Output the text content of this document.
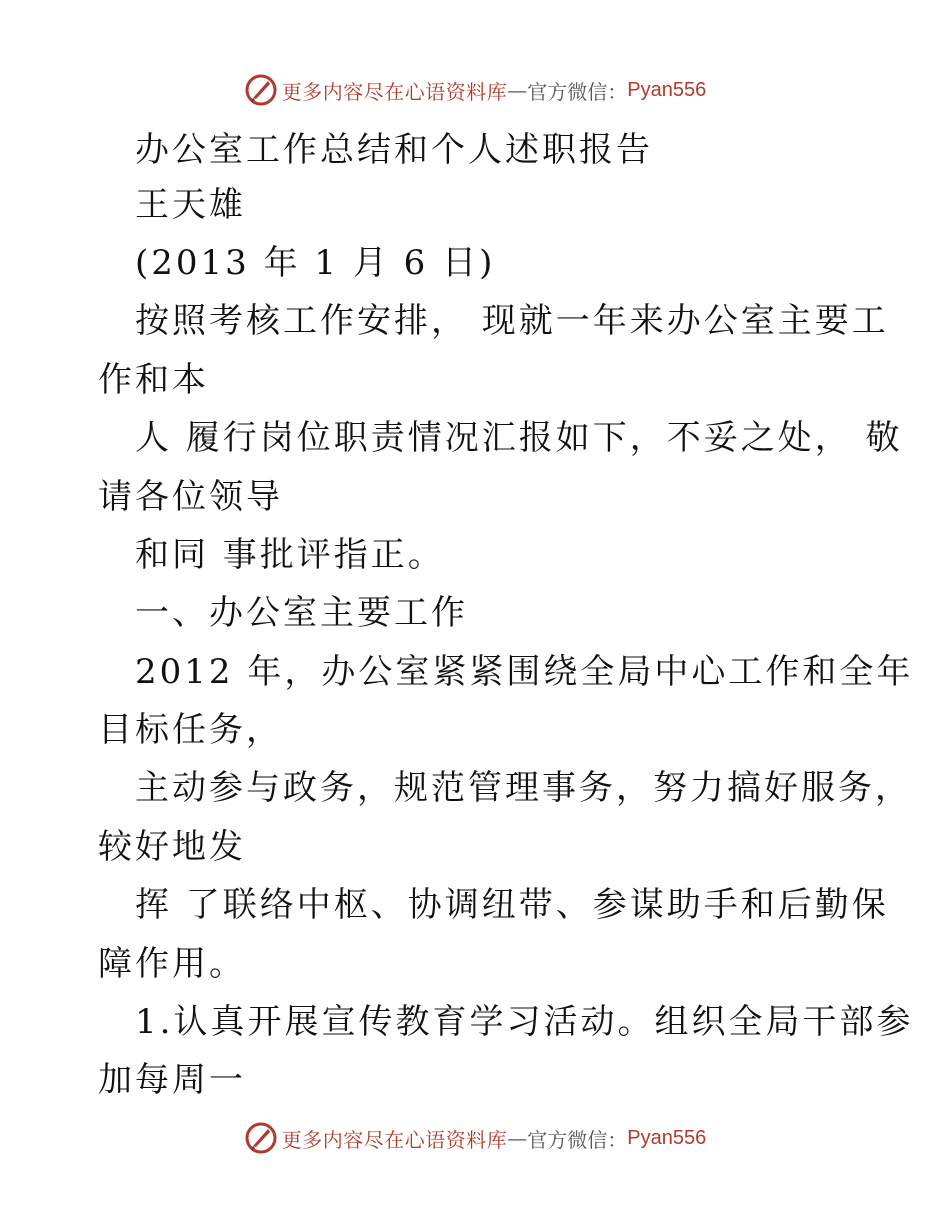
更多内容尽在心语资料库 — 官方微信： Pyan556
办公室工作总结和个人述职报告
王天雄
(2013 年 1 月 6 日)
按照考核工作安排， 现就一年来办公室主要工
作和本
人 履行岗位职责情况汇报如下，不妥之处， 敬
请各位领导
和同 事批评指正。
一、办公室主要工作
2012 年，办公室紧紧围绕全局中心工作和全年
目标任务，
主动参与政务，规范管理事务，努力搞好服务，
较好地发
挥 了联络中枢、协调纽带、参谋助手和后勤保
障作用。
1.认真开展宣传教育学习活动。组织全局干部参
加每周一
更多内容尽在心语资料库 — 官方微信： Pyan556
